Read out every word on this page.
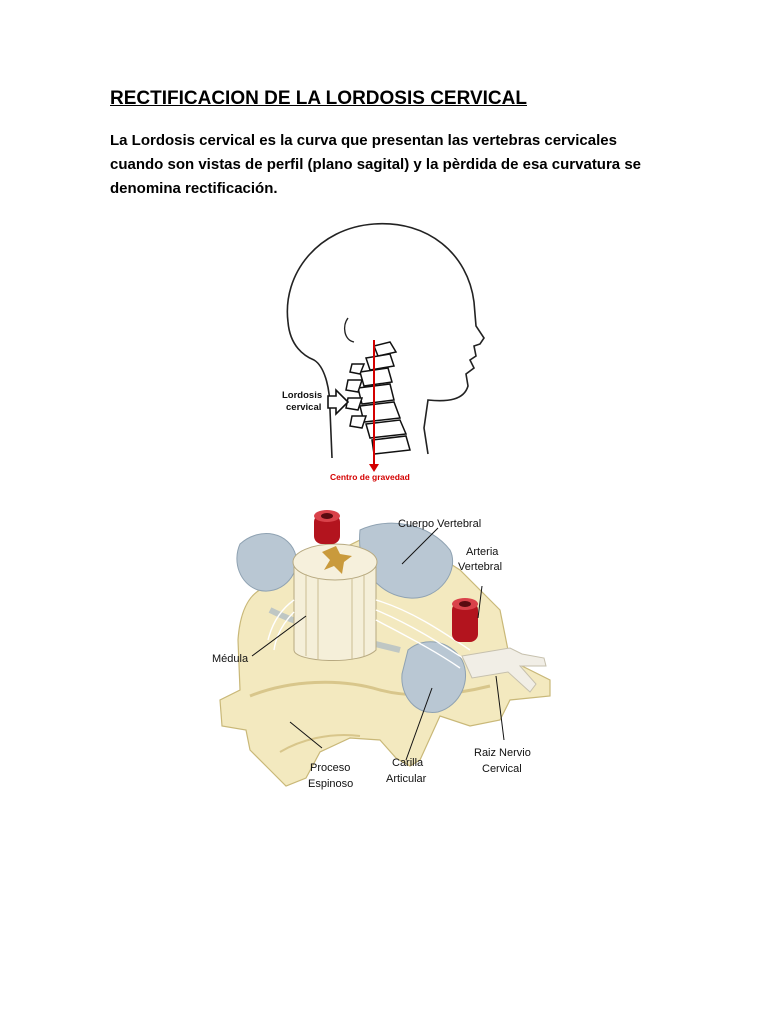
RECTIFICACION DE LA LORDOSIS CERVICAL

La Lordosis cervical es la curva que presentan las vertebras cervicales cuando son vistas de perfil (plano sagital) y la pèrdida de esa curvatura se denomina rectificación.

Lordosis
cervical
Centro de gravedad
Cuerpo Vertebral
Arteria
Vertebral
Médula
Raiz Nervio
Cervical
Proceso
Espinoso
Carilla
Articular
